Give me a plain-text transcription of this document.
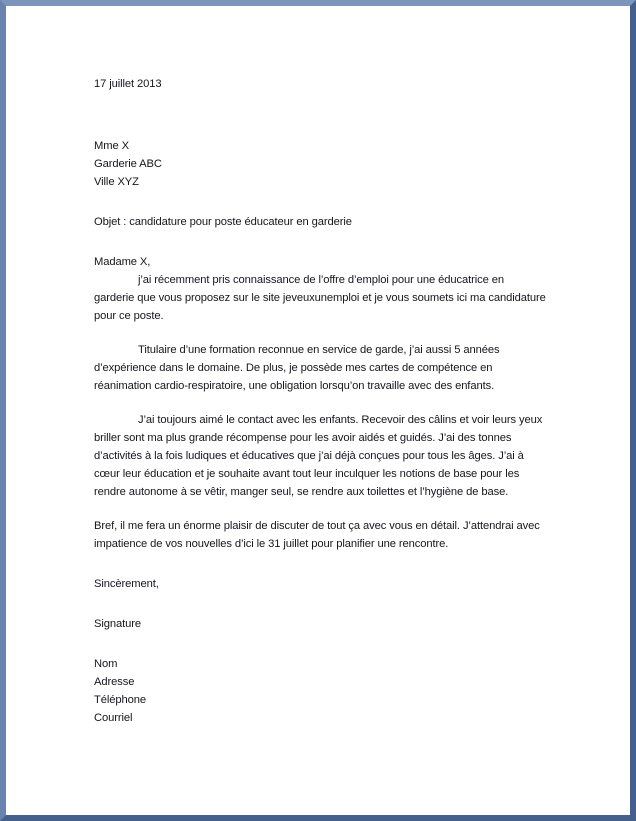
17 juillet 2013

Mme X

Garderie ABC

Ville XYZ

Objet : candidature pour poste éducateur en garderie

Madame X,

j’ai récemment pris connaissance de l’offre d’emploi pour une éducatrice en garderie que vous proposez sur le site jeveuxunemploi et je vous soumets ici ma candidature pour ce poste.

Titulaire d’une formation reconnue en service de garde, j’ai aussi 5 années d’expérience dans le domaine. De plus, je possède mes cartes de compétence en réanimation cardio-respiratoire, une obligation lorsqu’on travaille avec des enfants.

J’ai toujours aimé le contact avec les enfants. Recevoir des câlins et voir leurs yeux briller sont ma plus grande récompense pour les avoir aidés et guidés. J’ai des tonnes d’activités à la fois ludiques et éducatives que j’ai déjà conçues pour tous les âges. J’ai à cœur leur éducation et je souhaite avant tout leur inculquer les notions de base pour les rendre autonome à se vêtir, manger seul, se rendre aux toilettes et l’hygiène de base.

Bref, il me fera un énorme plaisir de discuter de tout ça avec vous en détail. J’attendrai avec impatience de vos nouvelles d’ici le 31 juillet pour planifier une rencontre.

Sincèrement,

Signature

Nom

Adresse

Téléphone

Courriel
